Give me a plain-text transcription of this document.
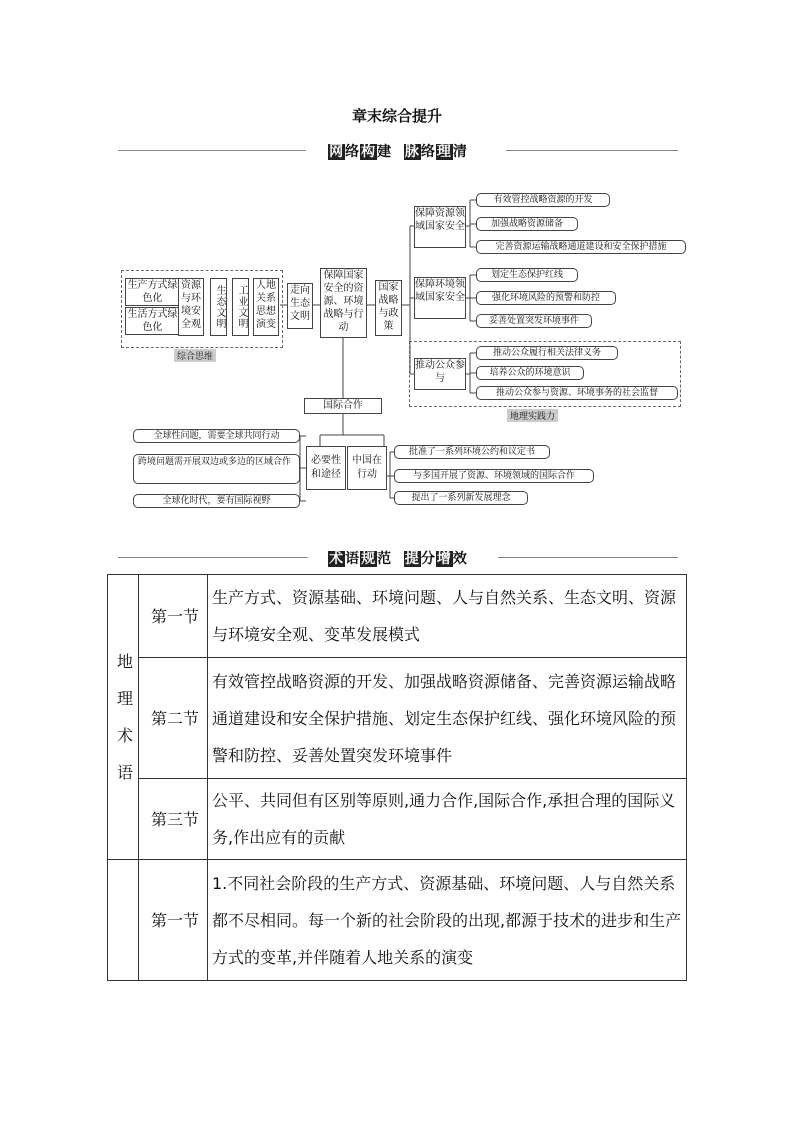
章末综合提升
网络构建 脉络理清
生产方式绿色化
生活方式绿色化
资源与环境安全观	生态文明	工业文明 人地关系思想演变
综合思维
走向生态文明
保障国家安全的资源、环境战略与行动
国家战略与政策
保障资源领域国家安全
有效管控战略资源的开发
加强战略资源储备
完善资源运输战略通道建设和安全保护措施
保障环境领域国家安全
划定生态保护红线
强化环境风险的预警和防控
妥善处置突发环境事件
推动公众参与
推动公众履行相关法律义务
培养公众的环境意识
推动公众参与资源、环境事务的社会监督
地理实践力
国际合作
必要性和途径
中国在行动
全球性问题，需要全球共同行动
跨境问题需开展双边或多边的区域合作
全球化时代，要有国际视野
批准了一系列环境公约和议定书
与多国开展了资源、环境领域的国际合作
提出了一系列新发展理念
术语规范 提分增效
地理术语	第一节	生产方式、资源基础、环境问题、人与自然关系、生态文明、资源与环境安全观、变革发展模式
	第二节	有效管控战略资源的开发、加强战略资源储备、完善资源运输战略通道建设和安全保护措施、划定生态保护红线、强化环境风险的预警和防控、妥善处置突发环境事件
	第三节	公平、共同但有区别等原则,通力合作,国际合作,承担合理的国际义务,作出应有的贡献
	第一节	1.不同社会阶段的生产方式、资源基础、环境问题、人与自然关系都不尽相同。每一个新的社会阶段的出现,都源于技术的进步和生产方式的变革,并伴随着人地关系的演变
